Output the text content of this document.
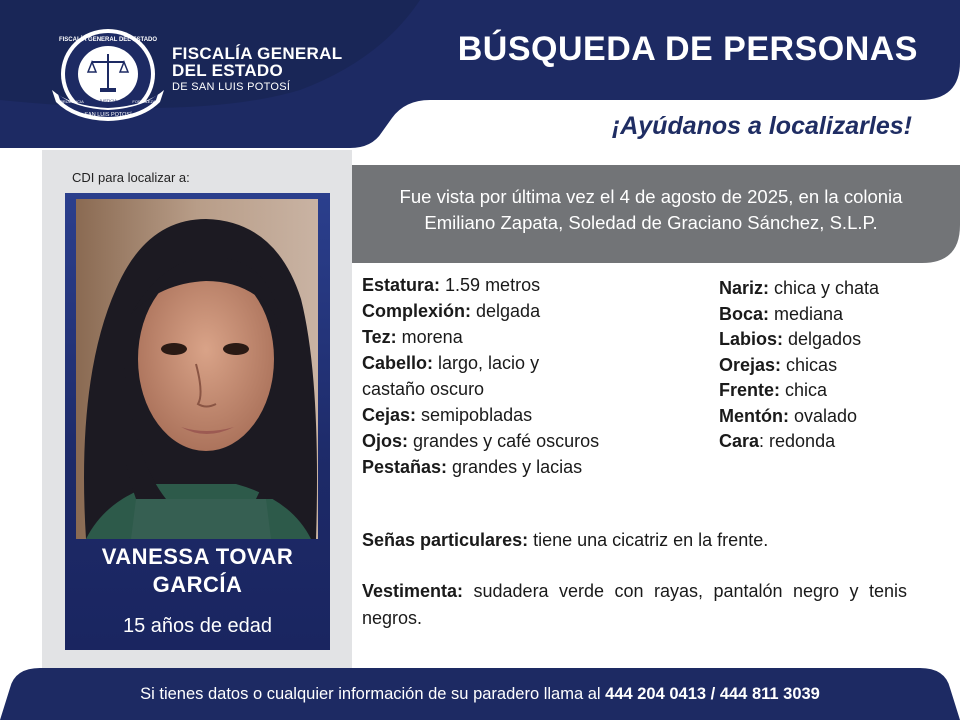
SAN LUIS POTOSÍ
PRUDENCIA	JUSTICIA	FORTALEZA
FISCALÍA GENERAL DEL ESTADO
FISCALÍA GENERAL
DEL ESTADO
DE SAN LUIS POTOSÍ
BÚSQUEDA DE PERSONAS
¡Ayúdanos a localizarles!
CDI para localizar a:
VANESSA TOVAR
GARCÍA
15 años de edad
Fue vista por última vez el 4 de agosto de 2025, en la colonia
Emiliano Zapata, Soledad de Graciano Sánchez, S.L.P.
Estatura: 1.59 metros
Complexión: delgada
Tez: morena
Cabello: largo, lacio y
castaño oscuro
Cejas: semipobladas
Ojos: grandes y café oscuros
Pestañas: grandes y lacias
Nariz: chica y chata
Boca: mediana
Labios: delgados
Orejas: chicas
Frente: chica
Mentón: ovalado
Cara: redonda
Señas particulares: tiene una cicatriz en la frente.
Vestimenta: sudadera verde con rayas, pantalón negro y tenis negros.
Si tienes datos o cualquier información de su paradero llama al 444 204 0413 / 444 811 3039
